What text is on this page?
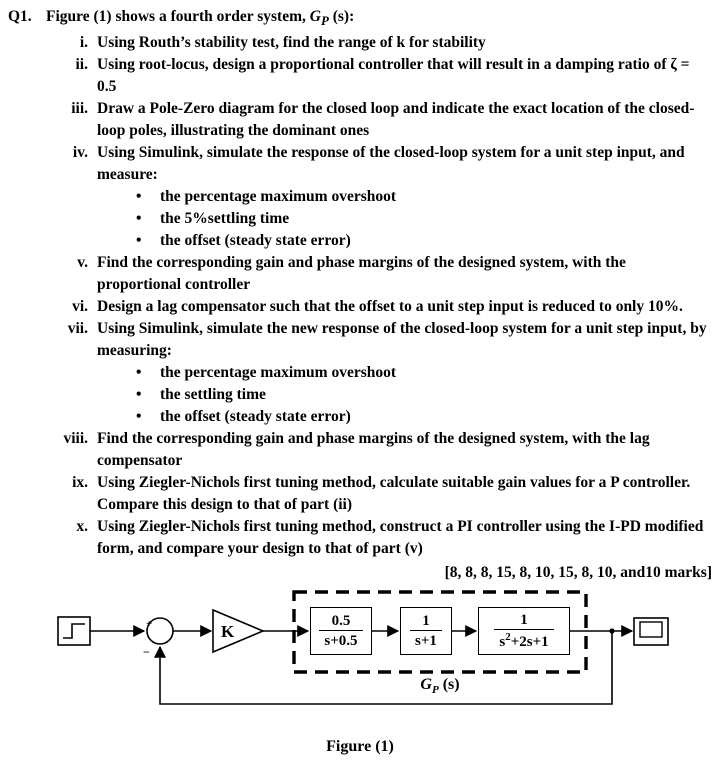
Q1. Figure (1) shows a fourth order system, $G_P$ (s):
i. Using Routh’s stability test, find the range of k for stability
ii. Using root-locus, design a proportional controller that will result in a damping ratio of ζ = 0.5
iii. Draw a Pole-Zero diagram for the closed loop and indicate the exact location of the closed-loop poles, illustrating the dominant ones
iv. Using Simulink, simulate the response of the closed-loop system for a unit step input, and measure:
•	the percentage maximum overshoot
•	the 5%settling time
•	the offset (steady state error)
v. Find the corresponding gain and phase margins of the designed system, with the proportional controller
vi. Design a lag compensator such that the offset to a unit step input is reduced to only 10%.
vii. Using Simulink, simulate the new response of the closed-loop system for a unit step input, by measuring:
•	the percentage maximum overshoot
•	the settling time
•	the offset (steady state error)
viii. Find the corresponding gain and phase margins of the designed system, with the lag compensator
ix. Using Ziegler-Nichols first tuning method, calculate suitable gain values for a P controller. Compare this design to that of part (ii)
x. Using Ziegler-Nichols first tuning method, construct a PI controller using the I-PD modified form, and compare your design to that of part (v)
[8, 8, 8, 15, 8, 10, 15, 8, 10, and10 marks]
+
−
K	$\frac{0.5}{s+0.5} \frac{1}{s+1} \frac{1}{s^2+2s+1}$
$G_P$ (s)
Figure (1)
